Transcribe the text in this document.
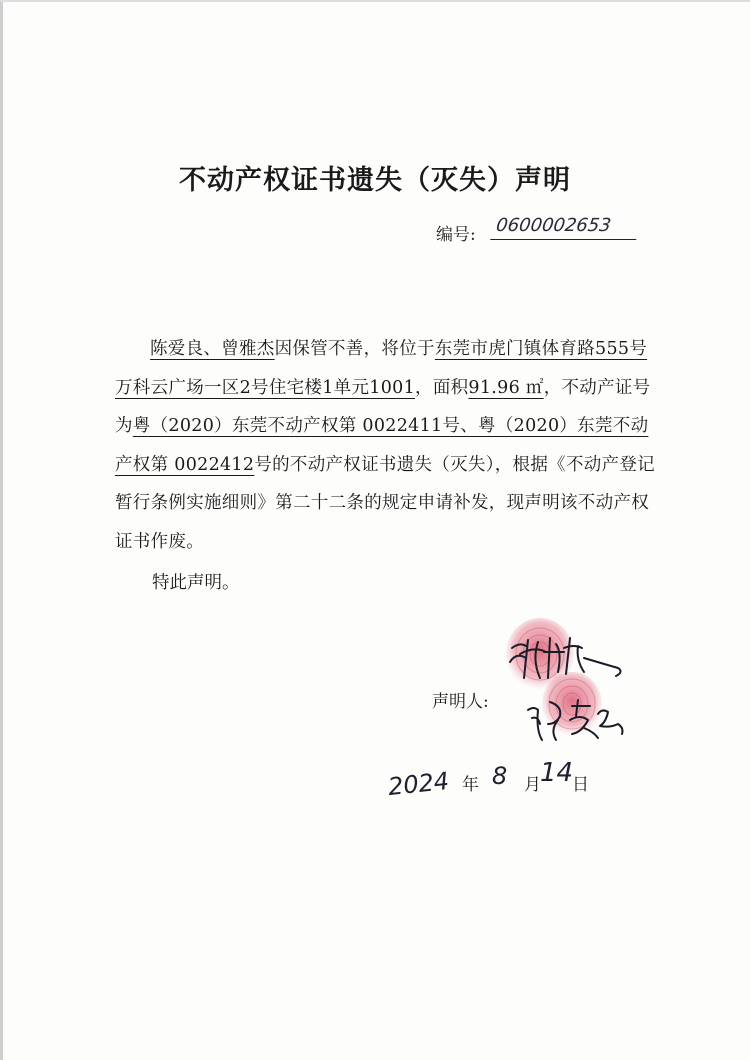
不动产权证书遗失（灭失）声明
编号: 0600002653

陈爱良、曾雅杰因保管不善，将位于东莞市虎门镇体育路555号万科云广场一区2号住宅楼1单元1001，面积91.96 ㎡，不动产证号为粤（2020）东莞不动产权第 0022411号、粤（2020）东莞不动产权第 0022412号的不动产权证书遗失（灭失），根据《不动产登记暂行条例实施细则》第二十二条的规定申请补发，现声明该不动产权证书作废。

特此声明。
声明人:
2024 年 8 月 14
日
